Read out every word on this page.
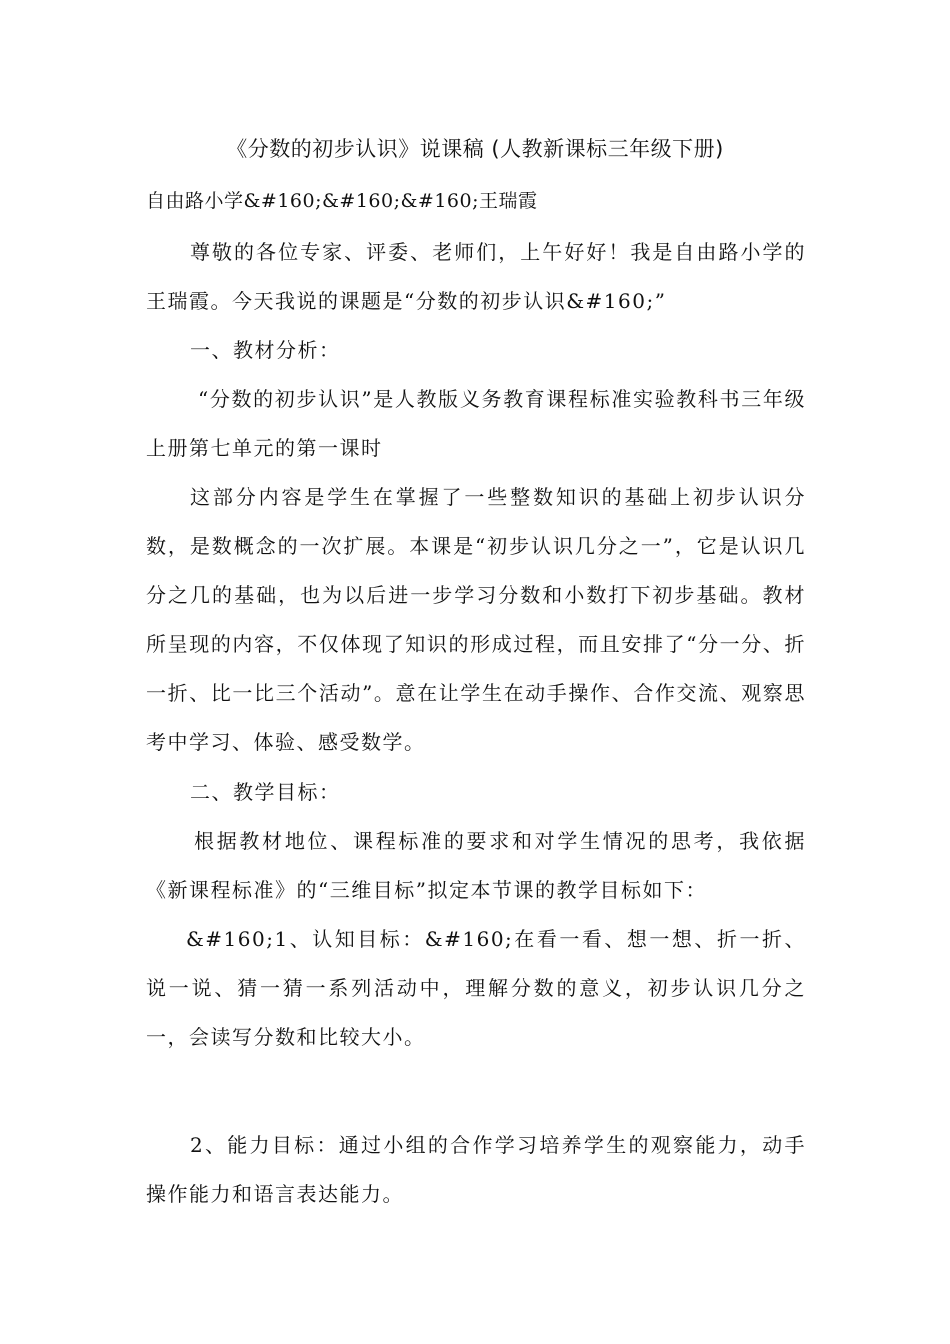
《分数的初步认识》说课稿 (人教新课标三年级下册)
自由路小学&#160;&#160;&#160;王瑞霞
尊敬的各位专家、评委、老师们，上午好好！我是自由路小学的王瑞霞。今天我说的课题是“分数的初步认识&#160;”
一、教材分析：
“分数的初步认识”是人教版义务教育课程标准实验教科书三年级上册第七单元的第一课时
这部分内容是学生在掌握了一些整数知识的基础上初步认识分数，是数概念的一次扩展。本课是“初步认识几分之一”，它是认识几分之几的基础，也为以后进一步学习分数和小数打下初步基础。教材所呈现的内容，不仅体现了知识的形成过程，而且安排了“分一分、折一折、比一比三个活动”。意在让学生在动手操作、合作交流、观察思考中学习、体验、感受数学。
二、教学目标：
根据教材地位、课程标准的要求和对学生情况的思考，我依据《新课程标准》的“三维目标”拟定本节课的教学目标如下：
&#160;1、认知目标：&#160;在看一看、想一想、折一折、说一说、猜一猜一系列活动中，理解分数的意义，初步认识几分之一，会读写分数和比较大小。
2、能力目标：通过小组的合作学习培养学生的观察能力，动手操作能力和语言表达能力。
